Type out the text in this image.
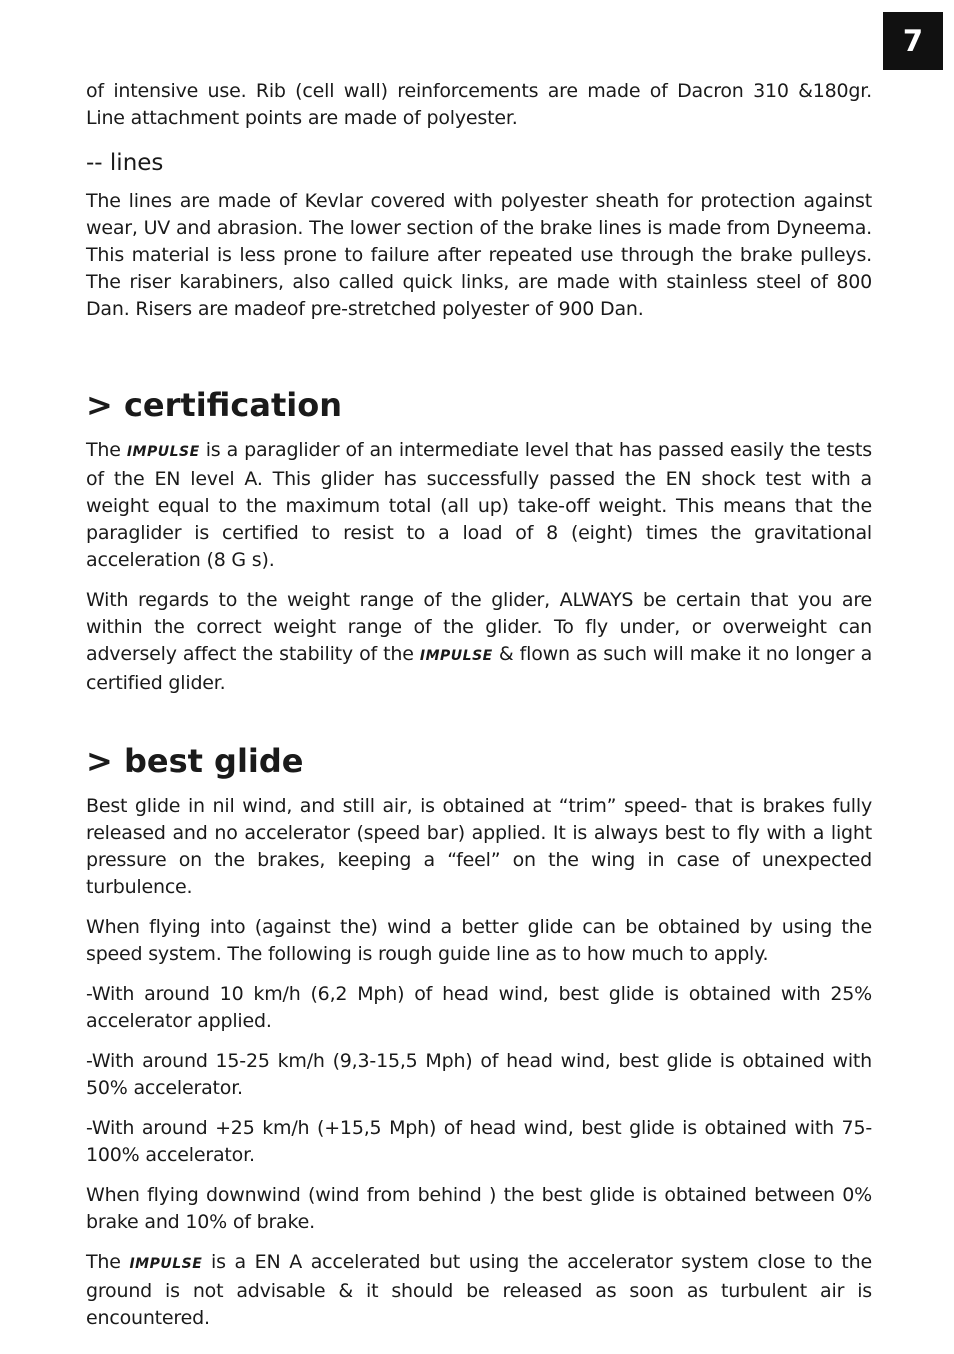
7

of intensive use. Rib (cell wall) reinforcements are made of Dacron 310 &180gr. Line attachment points are made of polyester.

-- lines

The lines are made of Kevlar covered with polyester sheath for protection against wear, UV and abrasion. The lower section of the brake lines is made from Dyneema. This material is less prone to failure after repeated use through the brake pulleys. The riser karabiners, also called quick links, are made with stainless steel of 800 Dan. Risers are madeof pre-stretched polyester of 900 Dan.

> certification

The IMPULSE is a paraglider of an intermediate level that has passed easily the tests of the EN level A. This glider has successfully passed the EN shock test with a weight equal to the maximum total (all up) take-off weight. This means that the paraglider is certified to resist to a load of 8 (eight) times the gravitational acceleration (8 G s).

With regards to the weight range of the glider, ALWAYS be certain that you are within the correct weight range of the glider. To fly under, or overweight can adversely affect the stability of the IMPULSE & flown as such will make it no longer a certified glider.

> best glide

Best glide in nil wind, and still air, is obtained at “trim” speed- that is brakes fully released and no accelerator (speed bar) applied. It is always best to fly with a light pressure on the brakes, keeping a “feel” on the wing in case of unexpected turbulence.

When flying into (against the) wind a better glide can be obtained by using the speed system. The following is rough guide line as to how much to apply.

-With around 10 km/h (6,2 Mph) of head wind, best glide is obtained with 25% accelerator applied.

-With around 15-25 km/h (9,3-15,5 Mph) of head wind, best glide is obtained with 50% accelerator.

-With around +25 km/h (+15,5 Mph) of head wind, best glide is obtained with 75-100% accelerator.

When flying downwind (wind from behind ) the best glide is obtained between 0% brake and 10% of brake.

The IMPULSE is a EN A accelerated but using the accelerator system close to the ground is not advisable & it should be released as soon as turbulent air is encountered.
